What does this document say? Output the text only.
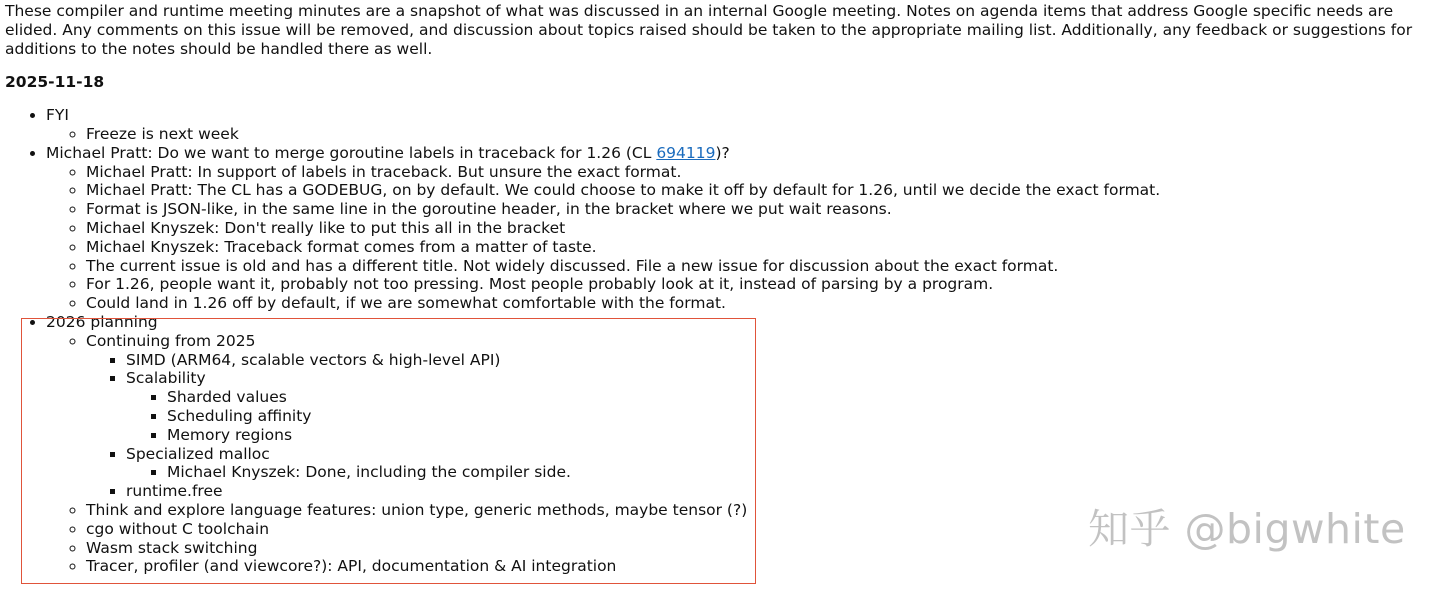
These compiler and runtime meeting minutes are a snapshot of what was discussed in an internal Google meeting. Notes on agenda items that address Google specific needs are elided. Any comments on this issue will be removed, and discussion about topics raised should be taken to the appropriate mailing list. Additionally, any feedback or suggestions for additions to the notes should be handled there as well.

2025-11-18
• FYI
◦ Freeze is next week
• Michael Pratt: Do we want to merge goroutine labels in traceback for 1.26 (CL 694119)?
◦ Michael Pratt: In support of labels in traceback. But unsure the exact format.
◦ Michael Pratt: The CL has a GODEBUG, on by default. We could choose to make it off by default for 1.26, until we decide the exact format.
◦ Format is JSON-like, in the same line in the goroutine header, in the bracket where we put wait reasons.
◦ Michael Knyszek: Don't really like to put this all in the bracket
◦ Michael Knyszek: Traceback format comes from a matter of taste.
◦ The current issue is old and has a different title. Not widely discussed. File a new issue for discussion about the exact format.
◦ For 1.26, people want it, probably not too pressing. Most people probably look at it, instead of parsing by a program.
◦ Could land in 1.26 off by default, if we are somewhat comfortable with the format.
• 2026 planning
◦ Continuing from 2025
▪ SIMD (ARM64, scalable vectors & high-level API)
▪ Scalability
▪ Sharded values
▪ Scheduling affinity
▪ Memory regions
▪ Specialized malloc
▪ Michael Knyszek: Done, including the compiler side.
▪ runtime.free
◦ Think and explore language features: union type, generic methods, maybe tensor (?)
◦ cgo without C toolchain
◦ Wasm stack switching
◦ Tracer, profiler (and viewcore?): API, documentation & AI integration
知乎 @bigwhite
